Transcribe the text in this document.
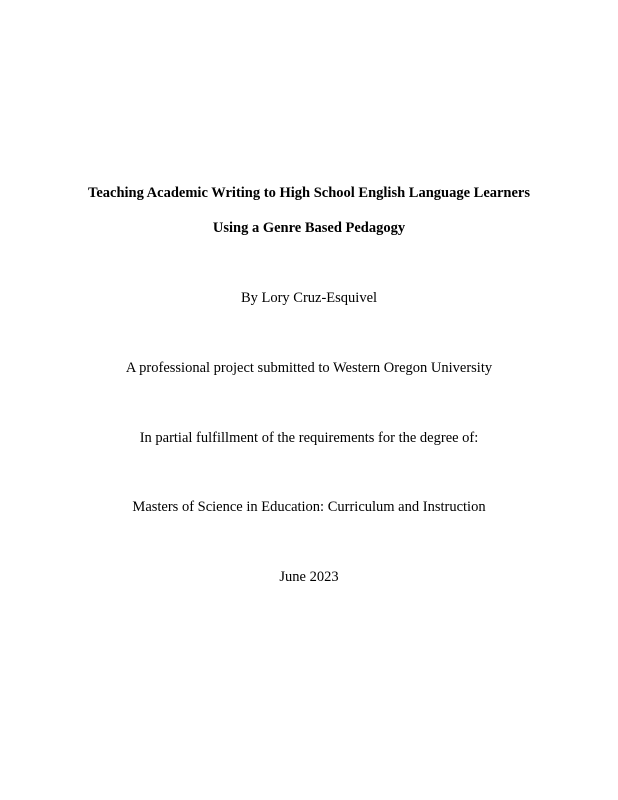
Teaching Academic Writing to High School English Language Learners
Using a Genre Based Pedagogy
By Lory Cruz-Esquivel
A professional project submitted to Western Oregon University
In partial fulfillment of the requirements for the degree of:
Masters of Science in Education: Curriculum and Instruction
June 2023
